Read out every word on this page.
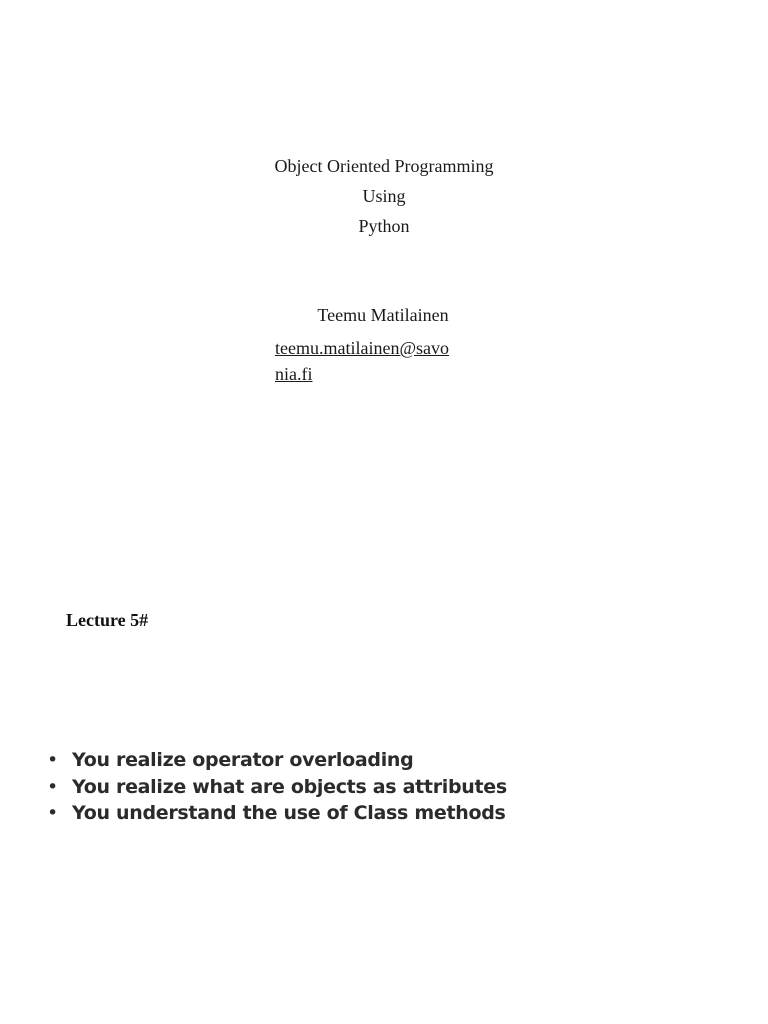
Object Oriented Programming
Using
Python
Teemu Matilainen
teemu.matilainen@savonia.fi
Lecture 5#
• You realize operator overloading
• You realize what are objects as attributes
• You understand the use of Class methods
